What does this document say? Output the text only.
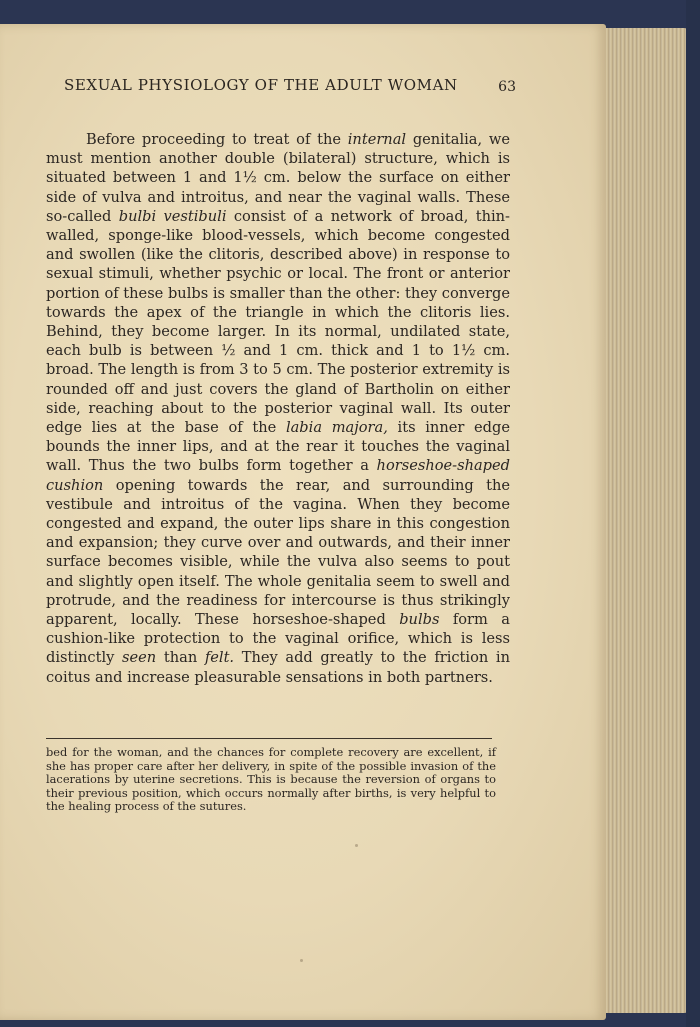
SEXUAL PHYSIOLOGY OF THE ADULT WOMAN	63

Before proceeding to treat of the internal genitalia, we must mention another double (bilateral) structure, which is situated between 1 and 1½ cm. below the surface on either side of vulva and introitus, and near the vaginal walls. These so-called bulbi vestibuli consist of a network of broad, thin-walled, sponge-like blood-vessels, which become congested and swollen (like the clitoris, described above) in response to sexual stimuli, whether psychic or local. The front or anterior portion of these bulbs is smaller than the other: they converge towards the apex of the triangle in which the clitoris lies. Behind, they become larger. In its normal, undilated state, each bulb is between ½ and 1 cm. thick and 1 to 1½ cm. broad. The length is from 3 to 5 cm. The posterior extremity is rounded off and just covers the gland of Bartholin on either side, reaching about to the posterior vaginal wall. Its outer edge lies at the base of the labia majora, its inner edge bounds the inner lips, and at the rear it touches the vaginal wall. Thus the two bulbs form together a horseshoe-shaped cushion opening towards the rear, and surrounding the vestibule and introitus of the vagina. When they become congested and expand, the outer lips share in this congestion and expansion; they curve over and outwards, and their inner surface becomes visible, while the vulva also seems to pout and slightly open itself. The whole genitalia seem to swell and protrude, and the readiness for intercourse is thus strikingly apparent, locally. These horseshoe-shaped bulbs form a cushion-like protection to the vaginal orifice, which is less distinctly seen than felt. They add greatly to the friction in coitus and increase pleasurable sensations in both partners.

bed for the woman, and the chances for complete recovery are excellent, if she has proper care after her delivery, in spite of the possible invasion of the lacerations by uterine secretions. This is because the reversion of organs to their previous position, which occurs normally after births, is very helpful to the healing process of the sutures.
